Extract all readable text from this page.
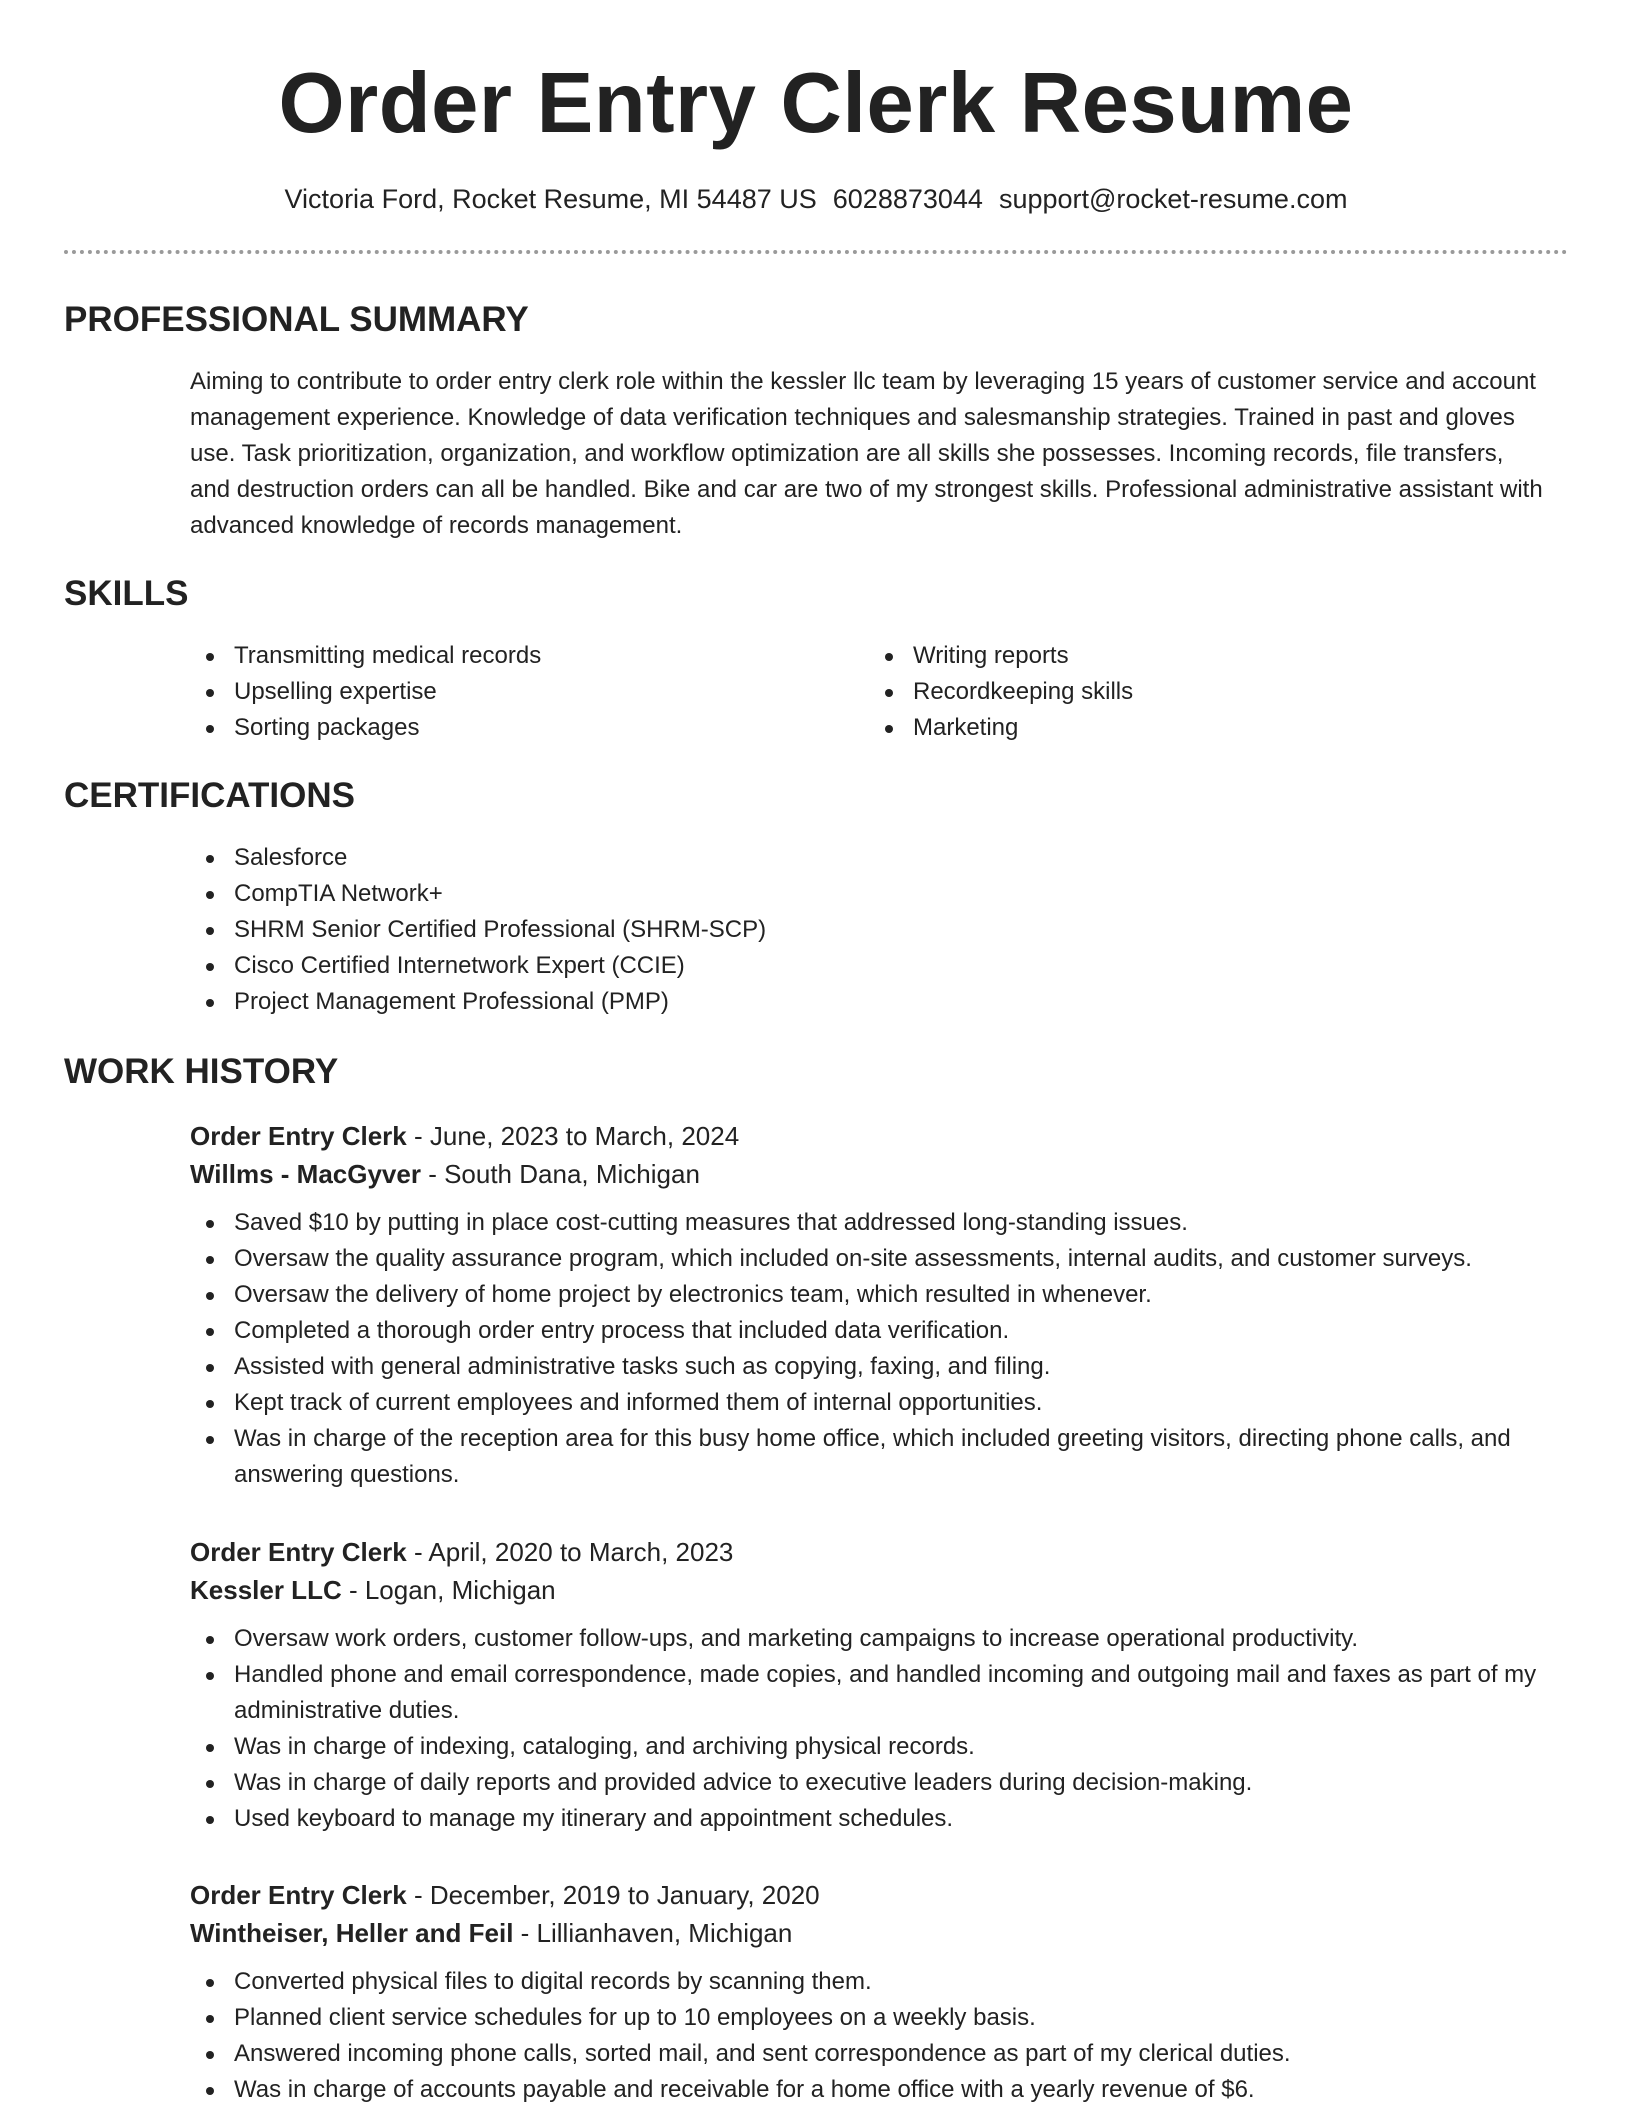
Order Entry Clerk Resume
Victoria Ford, Rocket Resume, MI 54487 US 6028873044 support@rocket-resume.com
PROFESSIONAL SUMMARY

Aiming to contribute to order entry clerk role within the kessler llc team by leveraging 15 years of customer service and account management experience. Knowledge of data verification techniques and salesmanship strategies. Trained in past and gloves use. Task prioritization, organization, and workflow optimization are all skills she possesses. Incoming records, file transfers, and destruction orders can all be handled. Bike and car are two of my strongest skills. Professional administrative assistant with advanced knowledge of records management.

SKILLS
Transmitting medical records
Upselling expertise
Sorting packages
Writing reports
Recordkeeping skills
Marketing
CERTIFICATIONS
Salesforce
CompTIA Network+
SHRM Senior Certified Professional (SHRM-SCP)
Cisco Certified Internetwork Expert (CCIE)
Project Management Professional (PMP)
WORK HISTORY
Order Entry Clerk - June, 2023 to March, 2024
Willms - MacGyver - South Dana, Michigan
Saved $10 by putting in place cost-cutting measures that addressed long-standing issues.
Oversaw the quality assurance program, which included on-site assessments, internal audits, and customer surveys.
Oversaw the delivery of home project by electronics team, which resulted in whenever.
Completed a thorough order entry process that included data verification.
Assisted with general administrative tasks such as copying, faxing, and filing.
Kept track of current employees and informed them of internal opportunities.
Was in charge of the reception area for this busy home office, which included greeting visitors, directing phone calls, and answering questions.
Order Entry Clerk - April, 2020 to March, 2023
Kessler LLC - Logan, Michigan
Oversaw work orders, customer follow-ups, and marketing campaigns to increase operational productivity.
Handled phone and email correspondence, made copies, and handled incoming and outgoing mail and faxes as part of my administrative duties.
Was in charge of indexing, cataloging, and archiving physical records.
Was in charge of daily reports and provided advice to executive leaders during decision-making.
Used keyboard to manage my itinerary and appointment schedules.
Order Entry Clerk - December, 2019 to January, 2020
Wintheiser, Heller and Feil - Lillianhaven, Michigan
Converted physical files to digital records by scanning them.
Planned client service schedules for up to 10 employees on a weekly basis.
Answered incoming phone calls, sorted mail, and sent correspondence as part of my clerical duties.
Was in charge of accounts payable and receivable for a home office with a yearly revenue of $6.
